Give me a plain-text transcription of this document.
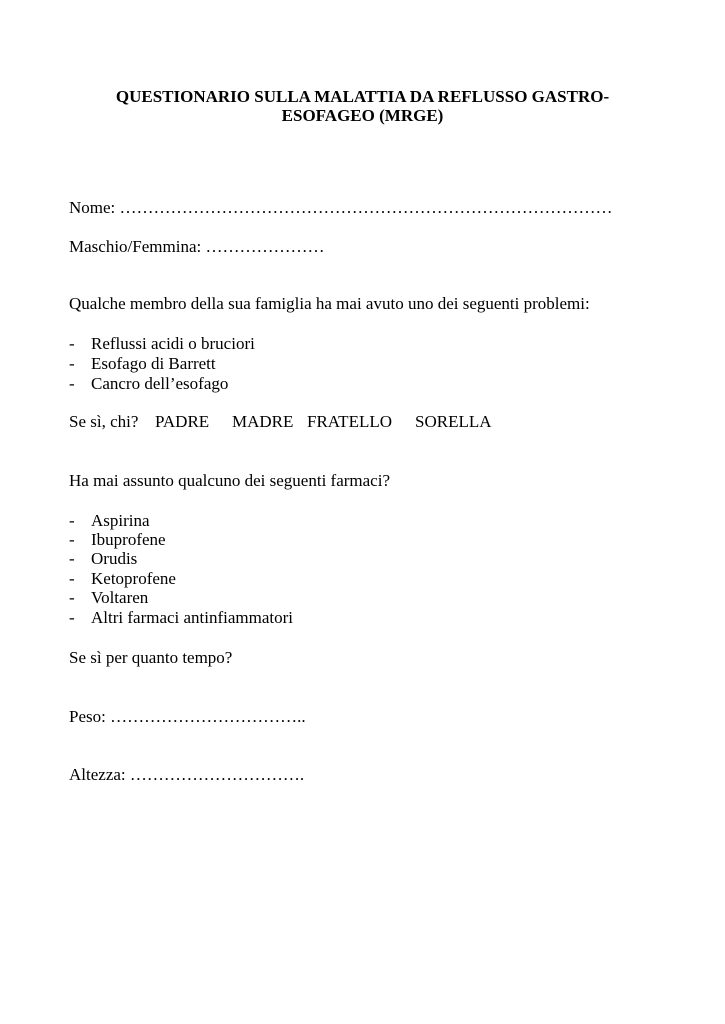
QUESTIONARIO SULLA MALATTIA DA REFLUSSO GASTRO-
ESOFAGEO (MRGE)
Nome: ……………………………………………………………………………
Maschio/Femmina: …………………
Qualche membro della sua famiglia ha mai avuto uno dei seguenti problemi:
- Reflussi acidi o bruciori
- Esofago di Barrett
- Cancro dell’esofago
Se sì, chi? PADRE MADRE FRATELLO SORELLA
Ha mai assunto qualcuno dei seguenti farmaci?
- Aspirina
- Ibuprofene
- Orudis
- Ketoprofene
- Voltaren
- Altri farmaci antinfiammatori
Se sì per quanto tempo?
Peso: ……………………………..
Altezza: ………………………….
